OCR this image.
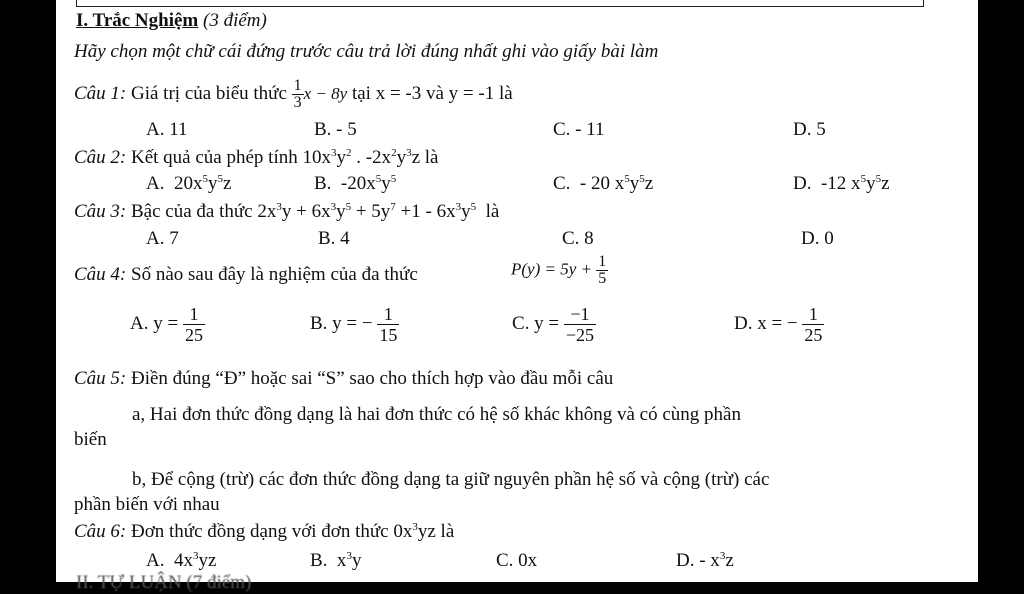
I. Trắc Nghiệm (3 điểm)
Hãy chọn một chữ cái đứng trước câu trả lời đúng nhất ghi vào giấy bài làm
Câu 1: Giá trị của biểu thức $\frac{1}{3}$ x − 8y tại x = -3 và y = -1 là
A. 11	B. - 5	C. - 11	D. 5
Câu 2: Kết quả của phép tính $10x^3y^2$ . $-2x^2y^3z$ là
A.  $20x^5y^5z$	B.  $-20x^5y^5$	C.  - 20 $x^5y^5z$	D.  -12 $x^5y^5z$
Câu 3: Bậc của đa thức $2x^3y + 6x^3y^5 + 5y^7 +1 - 6x^3y^5$ là
A. 7	B. 4	C. 8	D. 0
Câu 4: Số nào sau đây là nghiệm của đa thức	$P(y) = 5y + \frac{1}{5}$
A. $y = \frac{1}{25}$	B. y = − $\frac{1}{15}$	C. $y = \frac{-1}{-25}$	D. x = − $\frac{1}{25}$
Câu 5: Điền đúng “Đ” hoặc sai “S” sao cho thích hợp vào đầu mỗi câu
a, Hai đơn thức đồng dạng là hai đơn thức có hệ số khác không và có cùng phần
biến
b, Để cộng (trừ) các đơn thức đồng dạng ta giữ nguyên phần hệ số và cộng (trừ) các
phần biến với nhau
Câu 6: Đơn thức đồng dạng với đơn thức $0x^3yz$ là
A.  $4x^3yz$	B.  $x^3y$	C. 0x	D. - $x^3z$
II. TỰ LUẬN (7 điểm)
